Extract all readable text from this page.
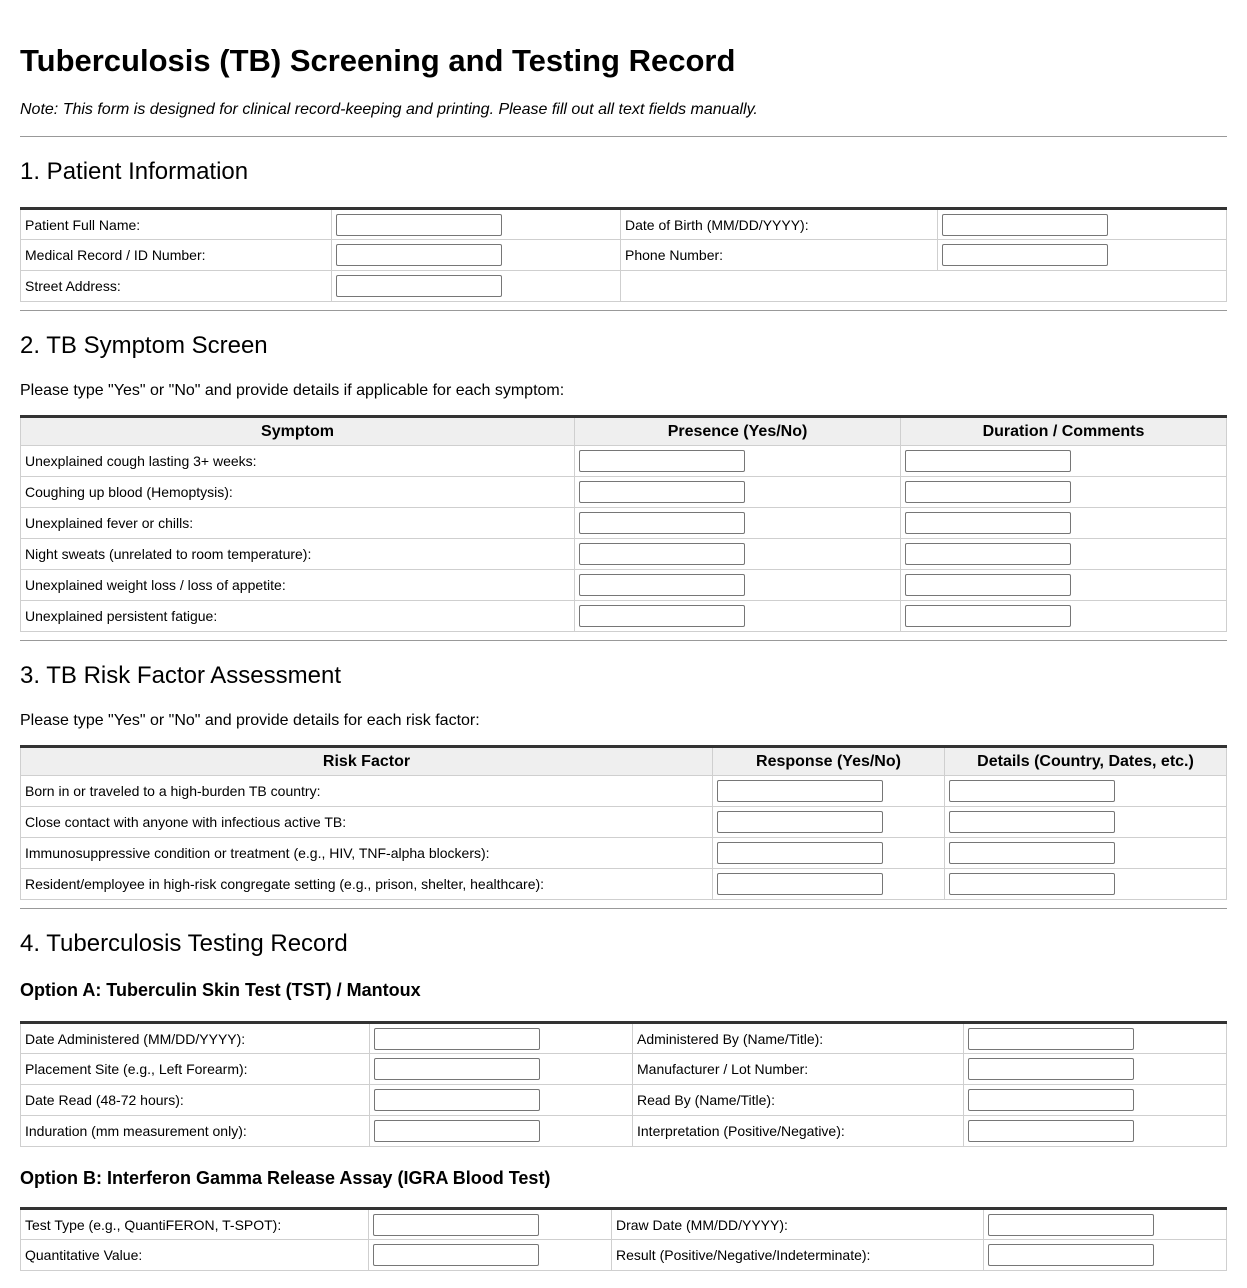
Tuberculosis (TB) Screening and Testing Record

Note: This form is designed for clinical record-keeping and printing. Please fill out all text fields manually.

1. Patient Information
Patient Full Name:		Date of Birth (MM/DD/YYYY):	

Medical Record / ID Number:		Phone Number:	

Street Address:	

2. TB Symptom Screen

Please type "Yes" or "No" and provide details if applicable for each symptom:

Symptom	Presence (Yes/No)	Duration / Comments
Unexplained cough lasting 3+ weeks:	

Coughing up blood (Hemoptysis):	

Unexplained fever or chills:	

Night sweats (unrelated to room temperature):	

Unexplained weight loss / loss of appetite:	

Unexplained persistent fatigue:	

3. TB Risk Factor Assessment

Please type "Yes" or "No" and provide details for each risk factor:

Risk Factor	Response (Yes/No)	Details (Country, Dates, etc.)
Born in or traveled to a high-burden TB country:	

Close contact with anyone with infectious active TB:	

Immunosuppressive condition or treatment (e.g., HIV, TNF-alpha blockers):	

Resident/employee in high-risk congregate setting (e.g., prison, shelter, healthcare):	

4. Tuberculosis Testing Record
Option A: Tuberculin Skin Test (TST) / Mantoux
Date Administered (MM/DD/YYYY):		Administered By (Name/Title):	

Placement Site (e.g., Left Forearm):		Manufacturer / Lot Number:	

Date Read (48-72 hours):		Read By (Name/Title):	

Induration (mm measurement only):		Interpretation (Positive/Negative):	
Option B: Interferon Gamma Release Assay (IGRA Blood Test)
Test Type (e.g., QuantiFERON, T-SPOT):		Draw Date (MM/DD/YYYY):	

Quantitative Value:		Result (Positive/Negative/Indeterminate):	
